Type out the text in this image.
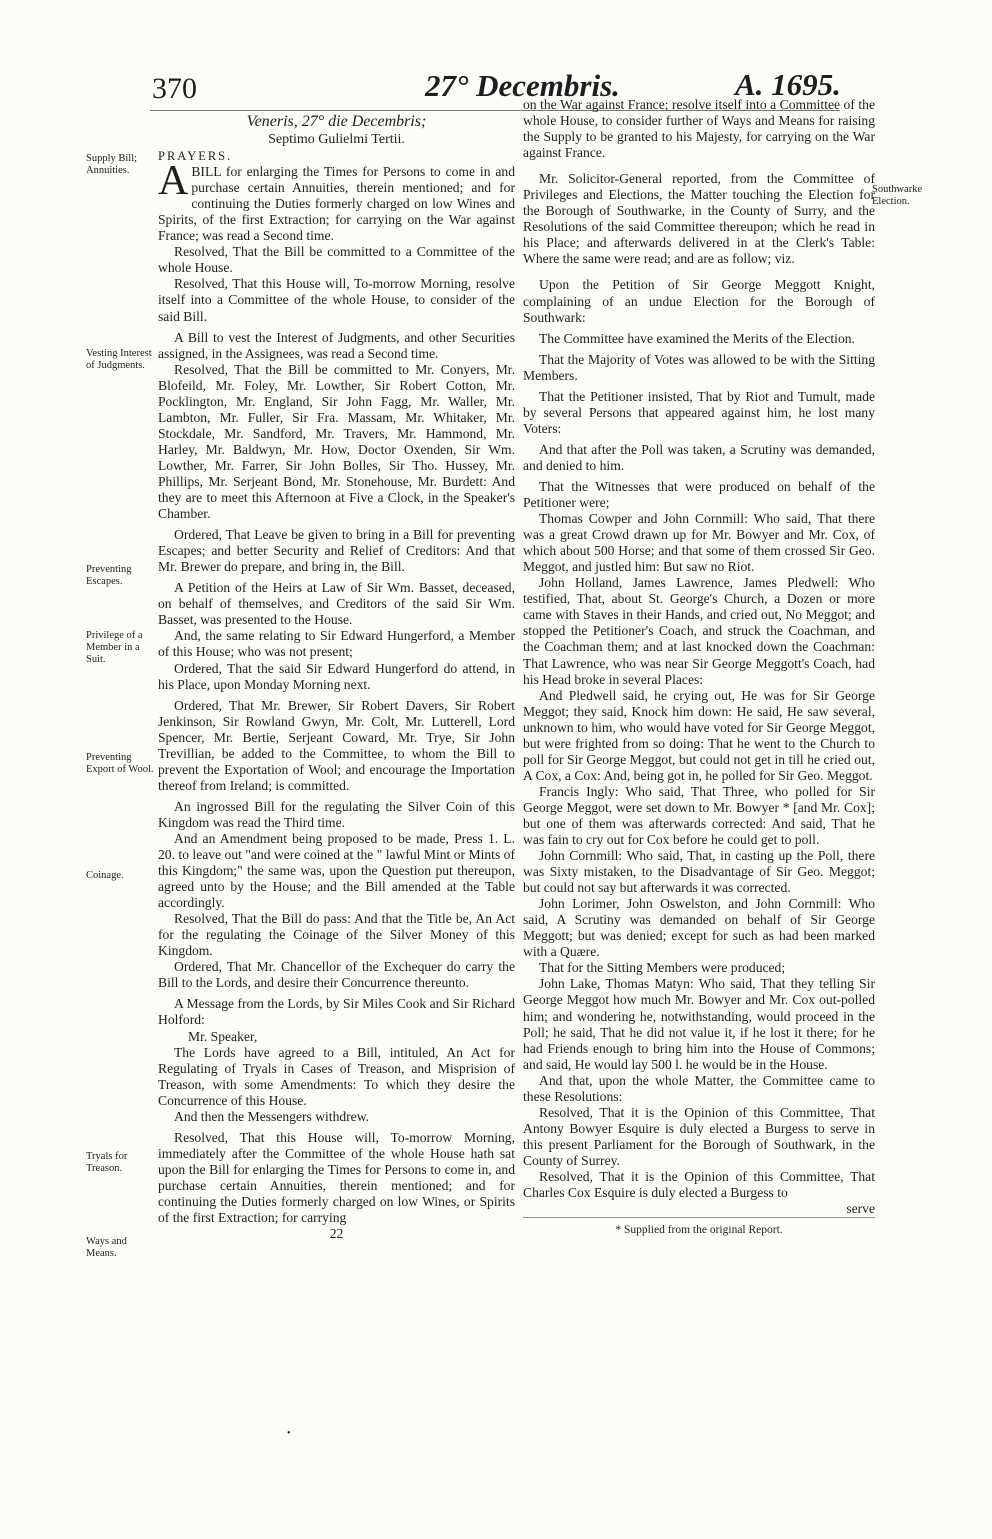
370	27° Decembris.	A. 1695.
Supply Bill; Annuities.
Vesting Interest of Judgments.
Preventing Escapes.
Privilege of a Member in a Suit.
Preventing Export of Wool.
Coinage.
Tryals for Treason.
Ways and Means.
Southwarke Election.

Veneris, 27° die Decembris;

Septimo Gulielmi Tertii.

PRAYERS.

ABILL for enlarging the Times for Persons to come in and purchase certain Annuities, therein mentioned; and for continuing the Duties formerly charged on low Wines and Spirits, of the first Extraction; for carrying on the War against France; was read a Second time.

Resolved, That the Bill be committed to a Committee of the whole House.

Resolved, That this House will, To-morrow Morning, resolve itself into a Committee of the whole House, to consider of the said Bill.

A Bill to vest the Interest of Judgments, and other Securities assigned, in the Assignees, was read a Second time.

Resolved, That the Bill be committed to Mr. Conyers, Mr. Blofeild, Mr. Foley, Mr. Lowther, Sir Robert Cotton, Mr. Pocklington, Mr. England, Sir John Fagg, Mr. Waller, Mr. Lambton, Mr. Fuller, Sir Fra. Massam, Mr. Whitaker, Mr. Stockdale, Mr. Sandford, Mr. Travers, Mr. Hammond, Mr. Harley, Mr. Baldwyn, Mr. How, Doctor Oxenden, Sir Wm. Lowther, Mr. Farrer, Sir John Bolles, Sir Tho. Hussey, Mr. Phillips, Mr. Serjeant Bond, Mr. Stonehouse, Mr. Burdett: And they are to meet this Afternoon at Five a Clock, in the Speaker's Chamber.

Ordered, That Leave be given to bring in a Bill for preventing Escapes; and better Security and Relief of Creditors: And that Mr. Brewer do prepare, and bring in, the Bill.

A Petition of the Heirs at Law of Sir Wm. Basset, deceased, on behalf of themselves, and Creditors of the said Sir Wm. Basset, was presented to the House.

And, the same relating to Sir Edward Hungerford, a Member of this House; who was not present;

Ordered, That the said Sir Edward Hungerford do attend, in his Place, upon Monday Morning next.

Ordered, That Mr. Brewer, Sir Robert Davers, Sir Robert Jenkinson, Sir Rowland Gwyn, Mr. Colt, Mr. Lutterell, Lord Spencer, Mr. Bertie, Serjeant Coward, Mr. Trye, Sir John Trevillian, be added to the Committee, to whom the Bill to prevent the Exportation of Wool; and encourage the Importation thereof from Ireland; is committed.

An ingrossed Bill for the regulating the Silver Coin of this Kingdom was read the Third time.

And an Amendment being proposed to be made, Press 1. L. 20. to leave out "and were coined at the " lawful Mint or Mints of this Kingdom;" the same was, upon the Question put thereupon, agreed unto by the House; and the Bill amended at the Table accordingly.

Resolved, That the Bill do pass: And that the Title be, An Act for the regulating the Coinage of the Silver Money of this Kingdom.

Ordered, That Mr. Chancellor of the Exchequer do carry the Bill to the Lords, and desire their Concurrence thereunto.

A Message from the Lords, by Sir Miles Cook and Sir Richard Holford:

Mr. Speaker,

The Lords have agreed to a Bill, intituled, An Act for Regulating of Tryals in Cases of Treason, and Misprision of Treason, with some Amendments: To which they desire the Concurrence of this House.

And then the Messengers withdrew.

Resolved, That this House will, To-morrow Morning, immediately after the Committee of the whole House hath sat upon the Bill for enlarging the Times for Persons to come in, and purchase certain Annuities, therein mentioned; and for continuing the Duties formerly charged on low Wines, or Spirits of the first Extraction; for carrying

22

•

on the War against France; resolve itself into a Committee of the whole House, to consider further of Ways and Means for raising the Supply to be granted to his Majesty, for carrying on the War against France.

Mr. Solicitor-General reported, from the Committee of Privileges and Elections, the Matter touching the Election for the Borough of Southwarke, in the County of Surry, and the Resolutions of the said Committee thereupon; which he read in his Place; and afterwards delivered in at the Clerk's Table: Where the same were read; and are as follow; viz.

Upon the Petition of Sir George Meggott Knight, complaining of an undue Election for the Borough of Southwark:

The Committee have examined the Merits of the Election.

That the Majority of Votes was allowed to be with the Sitting Members.

That the Petitioner insisted, That by Riot and Tumult, made by several Persons that appeared against him, he lost many Voters:

And that after the Poll was taken, a Scrutiny was demanded, and denied to him.

That the Witnesses that were produced on behalf of the Petitioner were;

Thomas Cowper and John Cornmill: Who said, That there was a great Crowd drawn up for Mr. Bowyer and Mr. Cox, of which about 500 Horse; and that some of them crossed Sir Geo. Meggot, and justled him: But saw no Riot.

John Holland, James Lawrence, James Pledwell: Who testified, That, about St. George's Church, a Dozen or more came with Staves in their Hands, and cried out, No Meggot; and stopped the Petitioner's Coach, and struck the Coachman, and the Coachman them; and at last knocked down the Coachman: That Lawrence, who was near Sir George Meggott's Coach, had his Head broke in several Places:

And Pledwell said, he crying out, He was for Sir George Meggot; they said, Knock him down: He said, He saw several, unknown to him, who would have voted for Sir George Meggot, but were frighted from so doing: That he went to the Church to poll for Sir George Meggot, but could not get in till he cried out, A Cox, a Cox: And, being got in, he polled for Sir Geo. Meggot.

Francis Ingly: Who said, That Three, who polled for Sir George Meggot, were set down to Mr. Bowyer * [and Mr. Cox]; but one of them was afterwards corrected: And said, That he was fain to cry out for Cox before he could get to poll.

John Cornmill: Who said, That, in casting up the Poll, there was Sixty mistaken, to the Disadvantage of Sir Geo. Meggot; but could not say but afterwards it was corrected.

John Lorimer, John Oswelston, and John Cornmill: Who said, A Scrutiny was demanded on behalf of Sir George Meggott; but was denied; except for such as had been marked with a Quære.

That for the Sitting Members were produced;

John Lake, Thomas Matyn: Who said, That they telling Sir George Meggot how much Mr. Bowyer and Mr. Cox out-polled him; and wondering he, notwithstanding, would proceed in the Poll; he said, That he did not value it, if he lost it there; for he had Friends enough to bring him into the House of Commons; and said, He would lay 500 l. he would be in the House.

And that, upon the whole Matter, the Committee came to these Resolutions:

Resolved, That it is the Opinion of this Committee, That Antony Bowyer Esquire is duly elected a Burgess to serve in this present Parliament for the Borough of Southwark, in the County of Surrey.

Resolved, That it is the Opinion of this Committee, That Charles Cox Esquire is duly elected a Burgess to

serve

* Supplied from the original Report.
